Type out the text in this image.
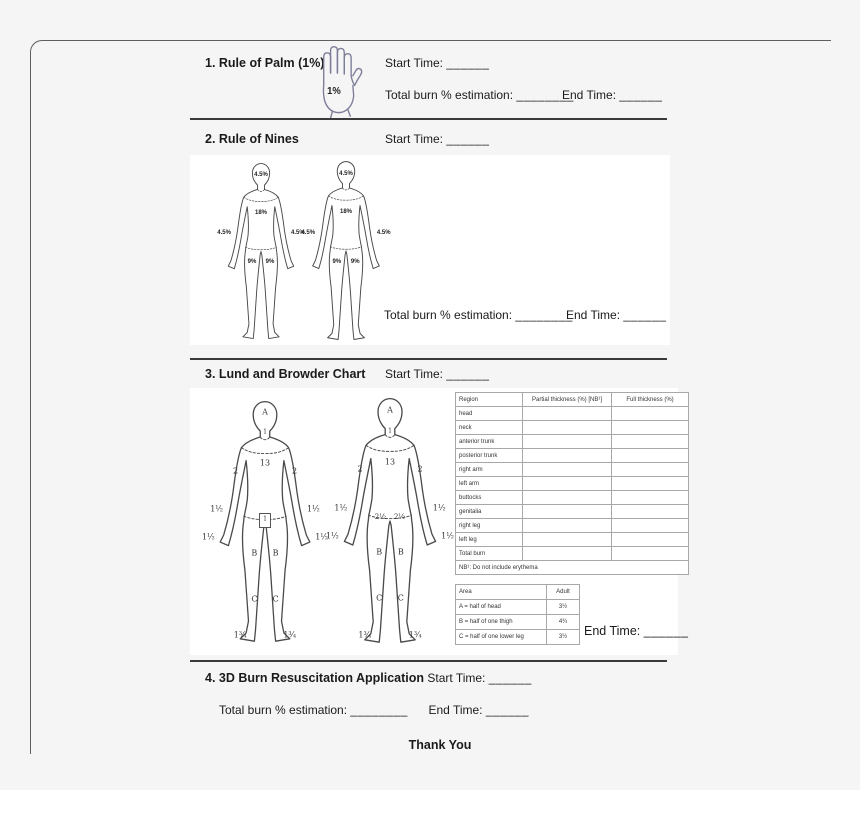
1. Rule of Palm (1%)
1%
Start Time: ______
Total burn % estimation: ________
End Time: ______
2. Rule of Nines	Start Time: ______
4.5%
18%
4.5%	4.5%
9% 9%
4.5%
18%
4.5%	4.5%
9% 9%
Total burn % estimation: ________
End Time: ______
3. Lund and Browder Chart Start Time: ______
A
1
13
2	2
1½	1½
1½	1½
1
B B
C C
1¾	1¾
A
1
13
2	2
1½	1½
1½	1½
2½ 2½
B B
C C
1¾	1¾
Region	Partial thickness (%) [NB¹]	Full thickness (%)
head		
neck		
anterior trunk		
posterior trunk		
right arm		
left arm		
buttocks		
genitalia		
right leg		
left leg		
Total burn		
NB¹: Do not include erythema		
Area	Adult
A = half of head	3½
B = half of one thigh	4¾
C = half of one lower leg	3½ End Time: ______
4. 3D Burn Resuscitation Application Start Time: ______
Total burn % estimation: ________ End Time: ______
Thank You
